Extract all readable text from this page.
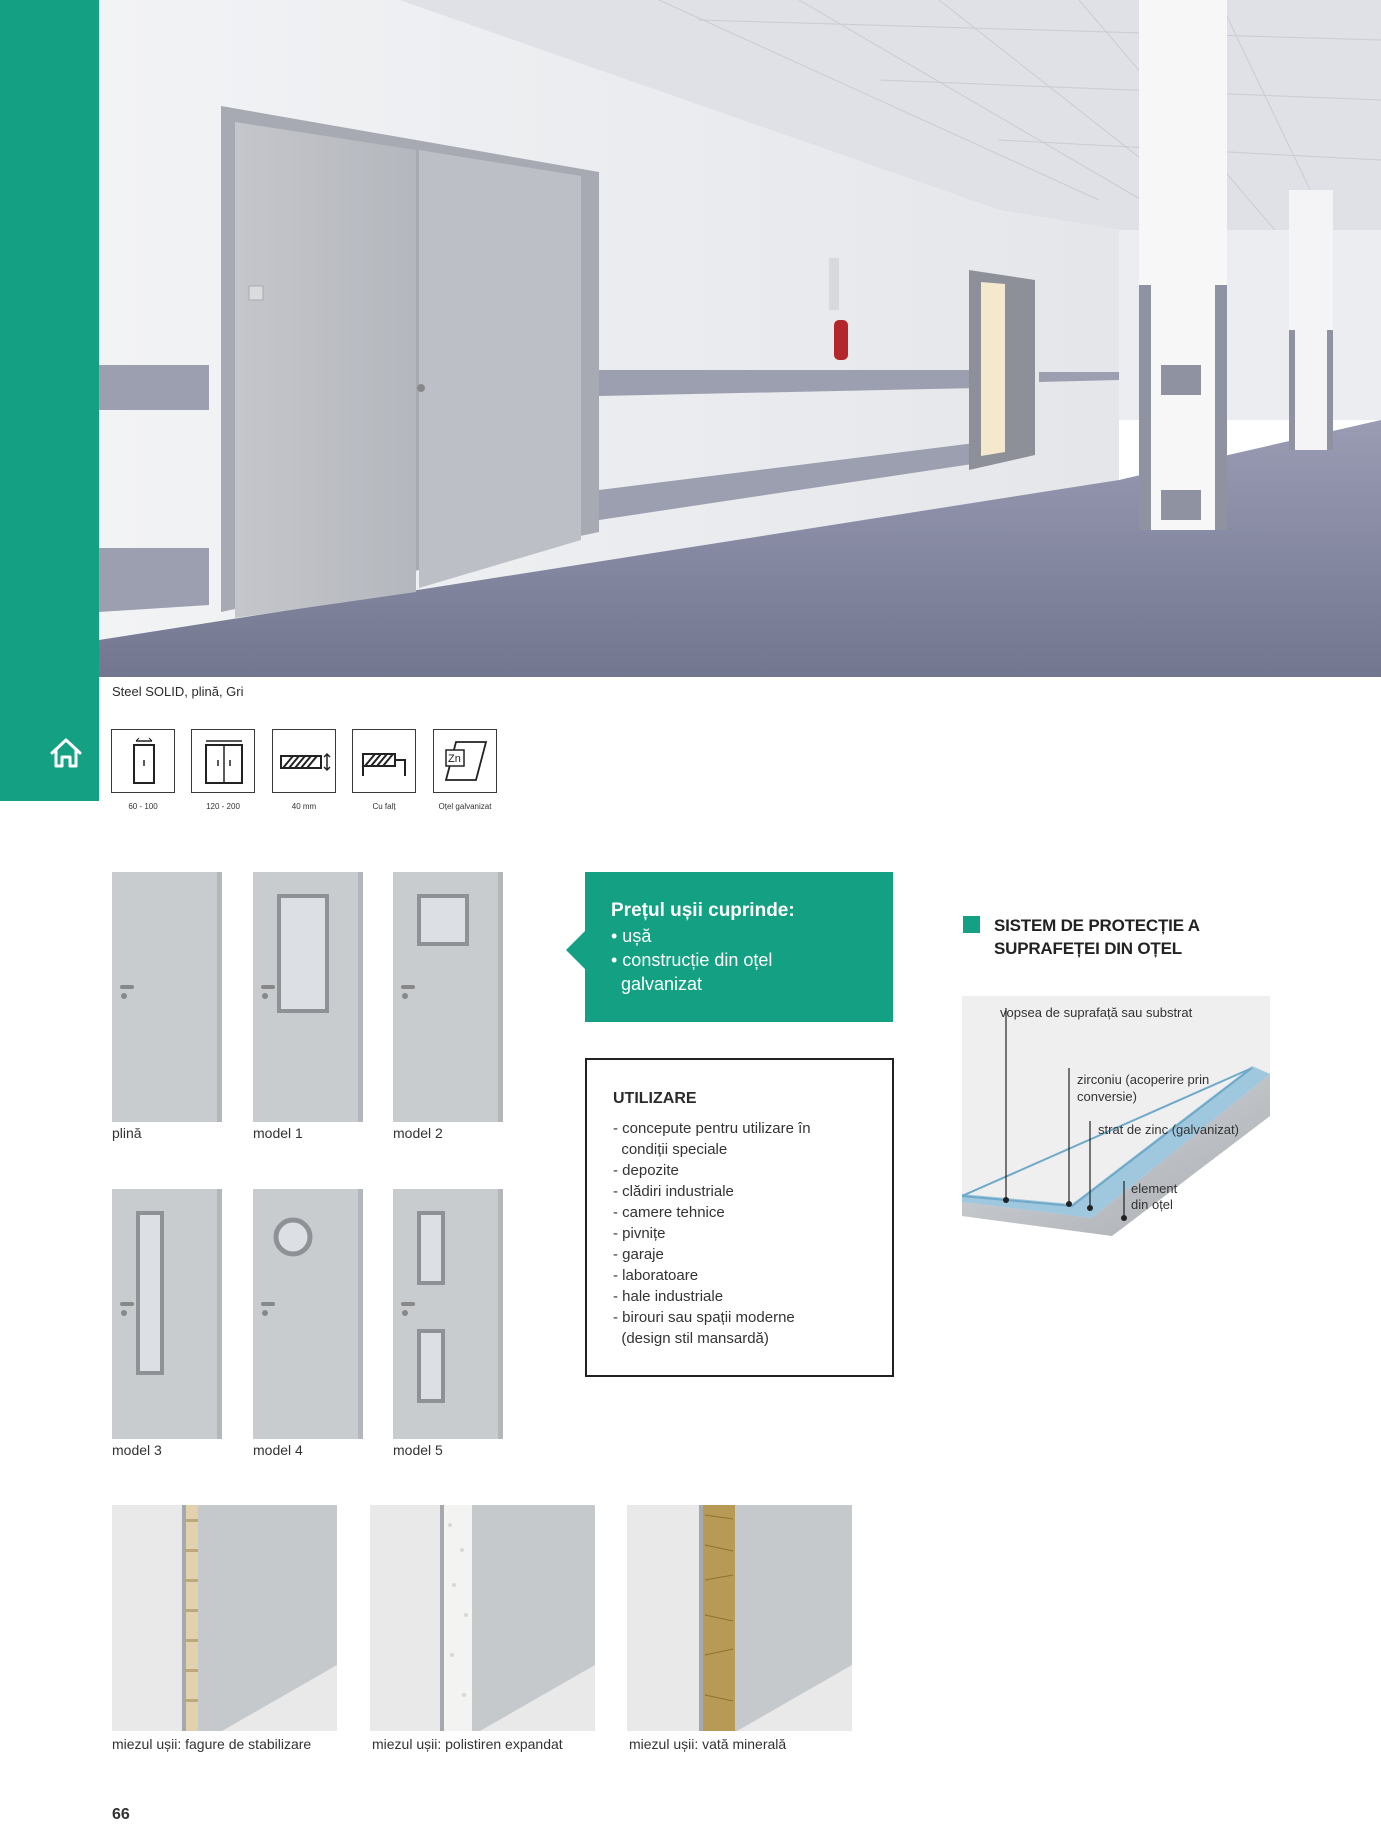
Steel SOLID, plină, Gri
60 - 100	120 - 200	40 mm	Cu falț
Zn
Oțel galvanizat
plină	model 1	model 2
model 3	model 4	model 5
Prețul ușii cuprinde:
• ușă
• construcție din oțel
galvanizat
UTILIZARE
- concepute pentru utilizare în
condiții speciale
- depozite
- clădiri industriale
- camere tehnice
- pivnițe
- garaje
- laboratoare
- hale industriale
- birouri sau spații moderne
(design stil mansardă)
SISTEM DE PROTECȚIE A
SUPRAFEȚEI DIN OȚEL
vopsea de suprafață sau substrat
zirconiu (acoperire prin
conversie)
strat de zinc (galvanizat)
element
din oțel
miezul ușii: fagure de stabilizare	miezul ușii: polistiren expandat	miezul ușii: vată minerală
66
